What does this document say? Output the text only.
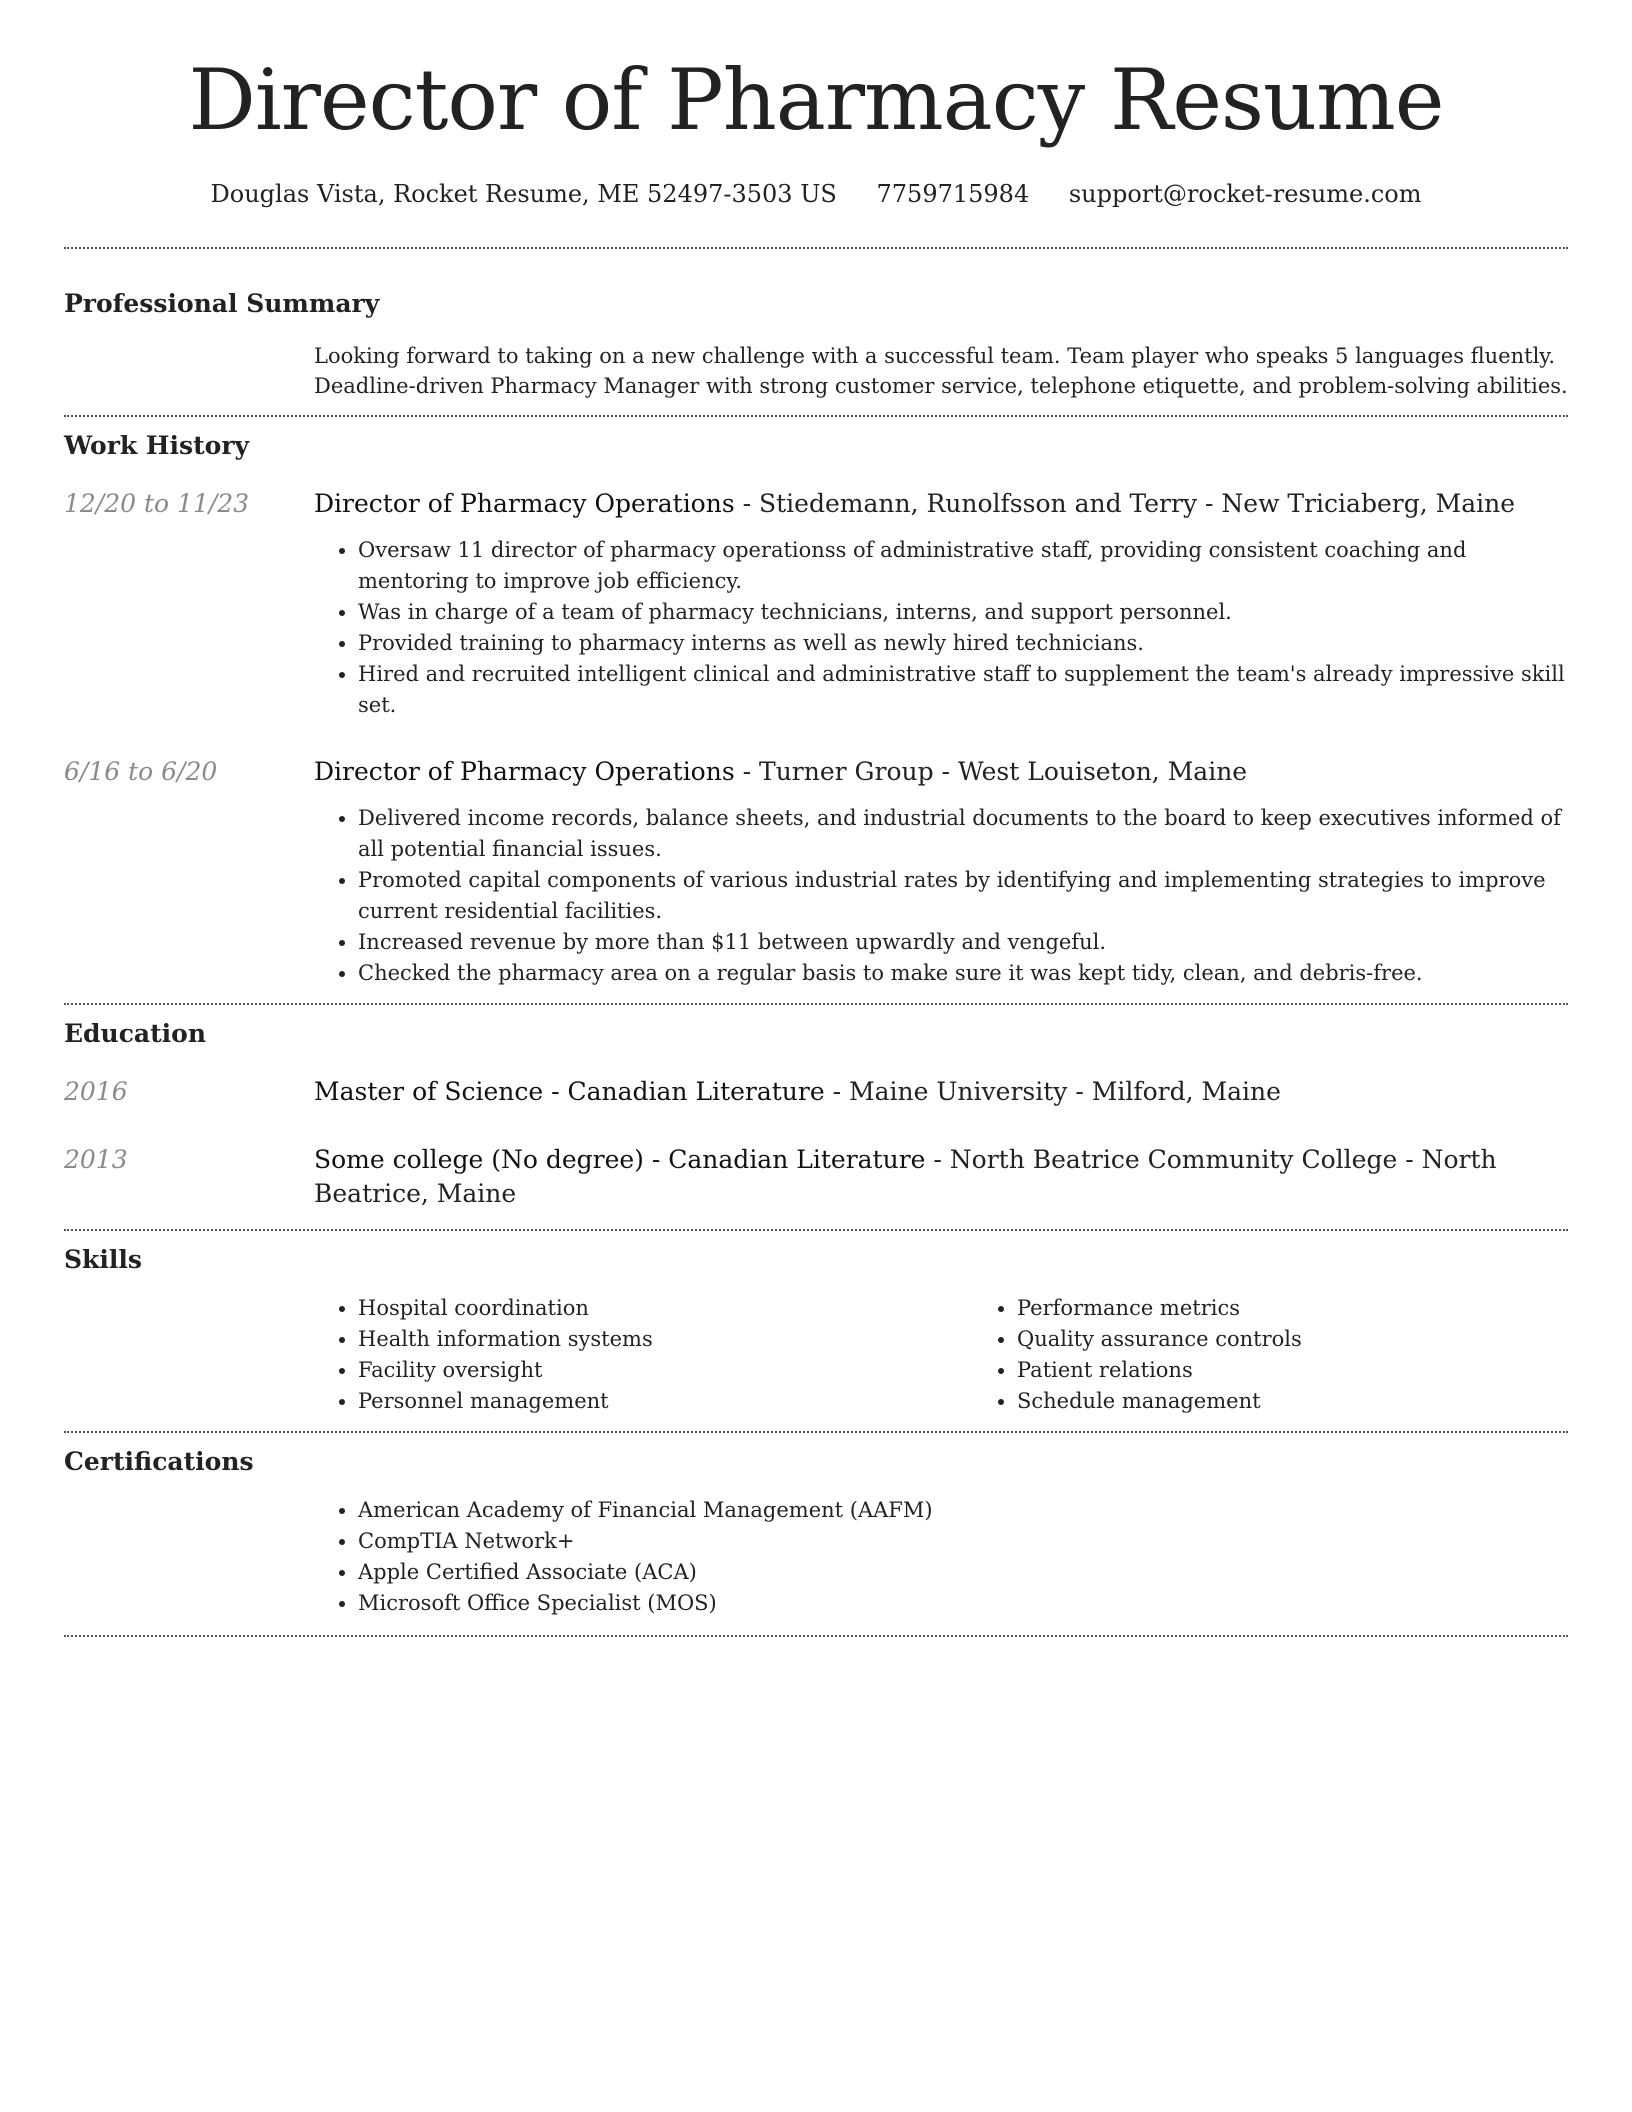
Director of Pharmacy Resume
Douglas Vista, Rocket Resume, ME 52497-3503 US 7759715984 support@rocket-resume.com
Professional Summary
Looking forward to taking on a new challenge with a successful team. Team player who speaks 5 languages fluently. Deadline-driven Pharmacy Manager with strong customer service, telephone etiquette, and problem-solving abilities.
Work History
12/20 to 11/23	Director of Pharmacy Operations - Stiedemann, Runolfsson and Terry - New Triciaberg, Maine
• Oversaw 11 director of pharmacy operationss of administrative staff, providing consistent coaching and mentoring to improve job efficiency.
• Was in charge of a team of pharmacy technicians, interns, and support personnel.
• Provided training to pharmacy interns as well as newly hired technicians.
• Hired and recruited intelligent clinical and administrative staff to supplement the team's already impressive skill set.
6/16 to 6/20	Director of Pharmacy Operations - Turner Group - West Louiseton, Maine
• Delivered income records, balance sheets, and industrial documents to the board to keep executives informed of all potential financial issues.
• Promoted capital components of various industrial rates by identifying and implementing strategies to improve current residential facilities.
• Increased revenue by more than $11 between upwardly and vengeful.
• Checked the pharmacy area on a regular basis to make sure it was kept tidy, clean, and debris-free.
Education
2016	Master of Science - Canadian Literature - Maine University - Milford, Maine
2013	Some college (No degree) - Canadian Literature - North Beatrice Community College - North Beatrice, Maine
Skills
• Hospital coordination
• Health information systems
• Facility oversight
• Personnel management
• Performance metrics
• Quality assurance controls
• Patient relations
• Schedule management
Certifications
• American Academy of Financial Management (AAFM)
• CompTIA Network+
• Apple Certified Associate (ACA)
• Microsoft Office Specialist (MOS)
